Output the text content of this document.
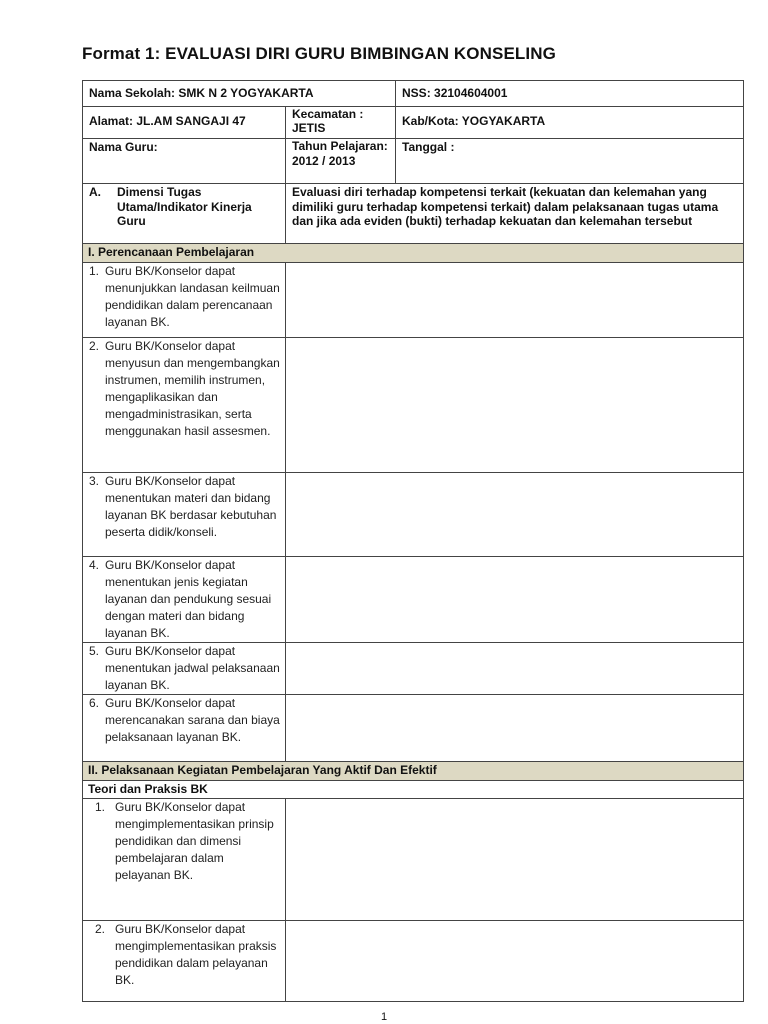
Format 1: EVALUASI DIRI GURU BIMBINGAN KONSELING
Nama Sekolah: SMK N 2 YOGYAKARTA		NSS: 32104604001
Alamat: JL.AM SANGAJI 47	Kecamatan : JETIS	Kab/Kota: YOGYAKARTA
Nama Guru:	Tahun Pelajaran: 2012 / 2013	Tanggal :

A. Dimensi Tugas Utama/Indikator Kinerja Guru	Evaluasi diri terhadap kompetensi terkait (kekuatan dan kelemahan yang dimiliki guru terhadap kompetensi terkait) dalam pelaksanaan tugas utama dan jika ada eviden (bukti) terhadap kekuatan dan kelemahan tersebut	
I. Perencanaan Pembelajaran		

1. Guru BK/Konselor dapat menunjukkan landasan keilmuan pendidikan dalam perencanaan layanan BK.		

2. Guru BK/Konselor dapat menyusun dan mengembangkan instrumen, memilih instrumen, mengaplikasikan dan mengadministrasikan, serta menggunakan hasil assesmen.		

3. Guru BK/Konselor dapat menentukan materi dan bidang layanan BK berdasar kebutuhan peserta didik/konseli.		

4. Guru BK/Konselor dapat menentukan jenis kegiatan layanan dan pendukung sesuai dengan materi dan bidang layanan BK.		

5. Guru BK/Konselor dapat menentukan jadwal pelaksanaan layanan BK.		

6. Guru BK/Konselor dapat merencanakan sarana dan biaya pelaksanaan layanan BK.		

II. Pelaksanaan Kegiatan Pembelajaran Yang Aktif Dan Efektif		
Teori dan Praksis BK		

1. Guru BK/Konselor dapat mengimplementasikan prinsip pendidikan dan dimensi pembelajaran dalam pelayanan BK.		

2. Guru BK/Konselor dapat mengimplementasikan praksis pendidikan dalam pelayanan BK.		

1
